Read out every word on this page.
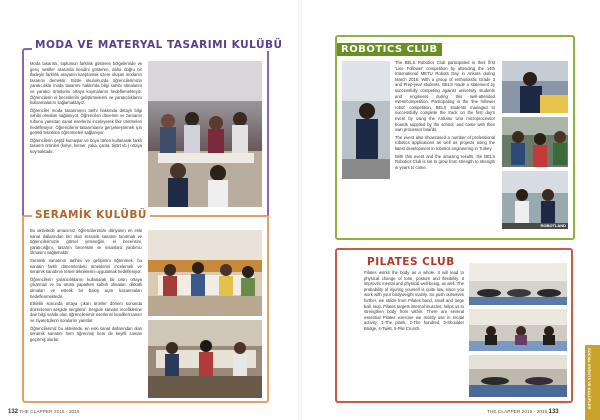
MODA VE MATERYAL TASARIMI KULÜBÜ

Moda tasarımı, toplumun farklılık gösteren bölgelerinde ve genç nesiller arasında kendini gösteren, daha doğru bir ifadeyle farklılık arayanın karşılamak üzere oluşan modanın tasarımı demektir. Bizde okulumuzda öğrencilerimizin yaratıcılıkla moda tasarımı hakkında bilgi sahibi olmalarını ve yaratıcı ürünlerini ortaya koymalarını hedeflemekteyiz. Öğrencilerin el becerilerini geliştirmelerini ve yaratıcılıklarını kullanmalarını sağlamaktayız.

Öğrenciler moda tasarımının tarihi hakkında detaylı bilgi sahibi olmaları sağlanıyor. Öğrencileri dönemin ve zamanın ruhunu yansıtan sanat eserlerini inceleyerek fikir üretmeleri hedefleniyor. Öğrencilerin tasarımlarını gerçekleştirmek için gerekli teknikleri öğrenmeleri sağlanıyor.

Öğrencilerin çeşitli kumaşlar ve boya türleri kullanarak farklı tasarım ürünleri (kolye, kemer, yaka, çanta, tişört vb.) ortaya koymaktadır.

SERAMİK KULÜBÜ

Bu aktivitede amacımız, öğrencilerimize dünyanın en eski sanat dallarından biri olan seramik sanatını tanıtmak ve öğrencilerimizin görsel yeteneğini, el becerisini, yaratıcılığını, tasarım becerisini ve insanlara yardımcı olmasını sağlamaktır.

Seramik sanatının tarihini ve gelişimini öğrenmek, bu sanatın farklı dönemlerdeki örneklerini incelemek ve seramik sanatının temel tekniklerini uygulamak hedefleniyor.

Öğrencilerin yaratıcılıklarını kullanarak bir ürün ortaya çıkarmalı ve bu ürünü yaparken sabırlı olmaları, dikkatli olmaları ve estetik bir bakış açısı kazanmaları hedeflenmektedir.

Etkinlik sonunda ortaya çıkan ürünler dönem sonunda düzenlenen sergide sergilenir. Sergide sanatın inceliklerine dair bilgi sahibi olan öğrencilerimiz eserlerini kendileri tanıtır ve ziyaretçilerin sorularını yanıtlar.

Öğrencilerimiz bu aktivitede, en eski sanat dallarından olan seramik sanatını hem öğrenmiş hem de keyifli zaman geçirmiş olurlar.

132 THE CLAPPER 2015 - 2016
ROBOTICS CLUB

The BELS Robotics Club participated in their first 'Line Follower' competition by attending the 14th International METU Robots Day in Ankara during March 2016. With a group of enthusiastic Grade 3 and Prep-year students, BELS made a statement by successfully competing against university students and engineers during this well-attended event/competition. Participating in the 'line follower robot' competition, BELS students managed to successfully complete the track on the first day's event by using the Arduino Uno microprocessor boards supplied by the school, and came with their own processor boards.

The event also showcased a number of professional robotics applications as well as projects using the latest development in robotics engineering in Turkey.

With this event and the amazing results, the BELS Robotics Club is set to grow from strength to strength in years to come.

ROBOTLAND
PILATES CLUB

Pilates works the body as a whole. It will lead to physical change of tone, posture and flexibility. It improves mental and physical well-being, as well. The probability of injuring yourself is quite low, since you work with your bodyweight mainly. So push ourselves further, we utilize from Pilates band, small and large ball, loop. Pilates targets internal muscles, helps us to strengthen body from within. There are several essential Pilates exercise we mostly use in recital activity: 1-The plank, 2-The hundred, 3-Shoulder Bridge, 4-Twist, 5-Pile Crunch.

THE CLAPPER 2015 - 2016 133
SOCIAL EVENTS VE KULÜPLER
